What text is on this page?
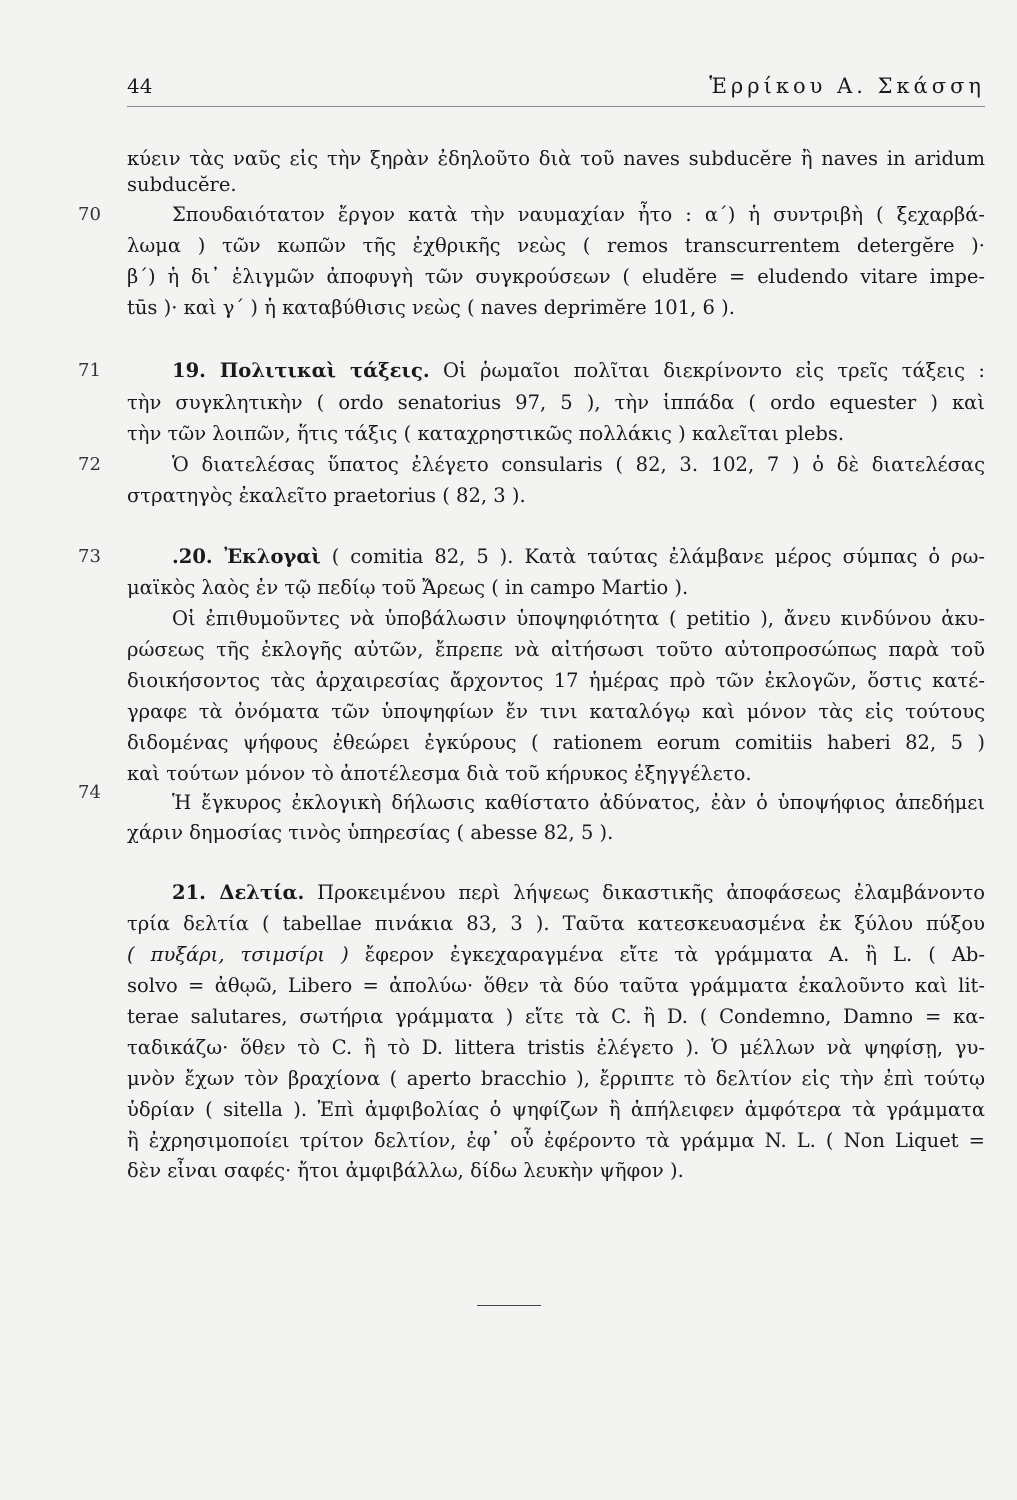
44	Ἑρρίκου Α. Σκάσση
70
71
72
73
74
κύειν τὰς ναῦς εἰς τὴν ξηρὰν ἐδηλοῦτο διὰ τοῦ naves subducĕre ἢ naves in aridum
subducĕre.
Σπουδαιότατον ἔργον κατὰ τὴν ναυμαχίαν ἦτο : α΄) ἡ συντριβὴ ( ξεχαρβά-
λωμα ) τῶν κωπῶν τῆς ἐχθρικῆς νεὼς ( remos transcurrentem detergĕre )·
β΄) ἡ δι᾽ ἑλιγμῶν ἀποφυγὴ τῶν συγκρούσεων ( eludĕre = eludendo vitare impe-
tūs )· καὶ γ΄ ) ἡ καταβύθισις νεὼς ( naves deprimĕre 101, 6 ).
19. Πολιτικαὶ τάξεις. Οἱ ῥωμαῖοι πολῖται διεκρίνοντο εἰς τρεῖς τάξεις :
τὴν συγκλητικὴν ( ordo senatorius 97, 5 ), τὴν ἱππάδα ( ordo equester ) καὶ
τὴν τῶν λοιπῶν, ἥτις τάξις ( καταχρηστικῶς πολλάκις ) καλεῖται plebs.
Ὁ διατελέσας ὕπατος ἐλέγετο consularis ( 82, 3. 102, 7 ) ὁ δὲ διατελέσας
στρατηγὸς ἐκαλεῖτο praetorius ( 82, 3 ).
.20. Ἐκλογαὶ ( comitia 82, 5 ). Κατὰ ταύτας ἐλάμβανε μέρος σύμπας ὁ ρω-
μαϊκὸς λαὸς ἐν τῷ πεδίῳ τοῦ Ἄρεως ( in campo Martio ).
Οἱ ἐπιθυμοῦντες νὰ ὑποβάλωσιν ὑποψηφιότητα ( petitio ), ἄνευ κινδύνου ἀκυ-
ρώσεως τῆς ἐκλογῆς αὐτῶν, ἔπρεπε νὰ αἰτήσωσι τοῦτο αὐτοπροσώπως παρὰ τοῦ
διοικήσοντος τὰς ἀρχαιρεσίας ἄρχοντος 17 ἡμέρας πρὸ τῶν ἐκλογῶν, ὅστις κατέ-
γραφε τὰ ὀνόματα τῶν ὑποψηφίων ἔν τινι καταλόγῳ καὶ μόνον τὰς εἰς τούτους
διδομένας ψήφους ἐθεώρει ἐγκύρους ( rationem eorum comitiis haberi 82, 5 )
καὶ τούτων μόνον τὸ ἀποτέλεσμα διὰ τοῦ κήρυκος ἐξηγγέλετο.
Ἡ ἔγκυρος ἐκλογικὴ δήλωσις καθίστατο ἀδύνατος, ἐὰν ὁ ὑποψήφιος ἀπεδήμει
χάριν δημοσίας τινὸς ὑπηρεσίας ( abesse 82, 5 ).
21. Δελτία. Προκειμένου περὶ λήψεως δικαστικῆς ἀποφάσεως ἐλαμβάνοντο
τρία δελτία ( tabellae πινάκια 83, 3 ). Ταῦτα κατεσκευασμένα ἐκ ξύλου πύξου
( πυξάρι, τσιμσίρι ) ἔφερον ἐγκεχαραγμένα εἴτε τὰ γράμματα A. ἢ L. ( Ab-
solvo = ἀθῳῶ, Libero = ἀπολύω· ὅθεν τὰ δύο ταῦτα γράμματα ἐκαλοῦντο καὶ lit-
terae salutares, σωτήρια γράμματα ) εἴτε τὰ C. ἢ D. ( Condemno, Damno = κα-
ταδικάζω· ὅθεν τὸ C. ἢ τὸ D. littera tristis ἐλέγετο ). Ὁ μέλλων νὰ ψηφίσῃ, γυ-
μνὸν ἔχων τὸν βραχίονα ( aperto bracchio ), ἔρριπτε τὸ δελτίον εἰς τὴν ἐπὶ τούτῳ
ὑδρίαν ( sitella ). Ἐπὶ ἀμφιβολίας ὁ ψηφίζων ἢ ἀπήλειφεν ἀμφότερα τὰ γράμματα
ἢ ἐχρησιμοποίει τρίτον δελτίον, ἐφ᾽ οὗ ἐφέροντο τὰ γράμμα N. L. ( Non Liquet =
δὲν εἶναι σαφές· ἤτοι ἀμφιβάλλω, δίδω λευκὴν ψῆφον ).
